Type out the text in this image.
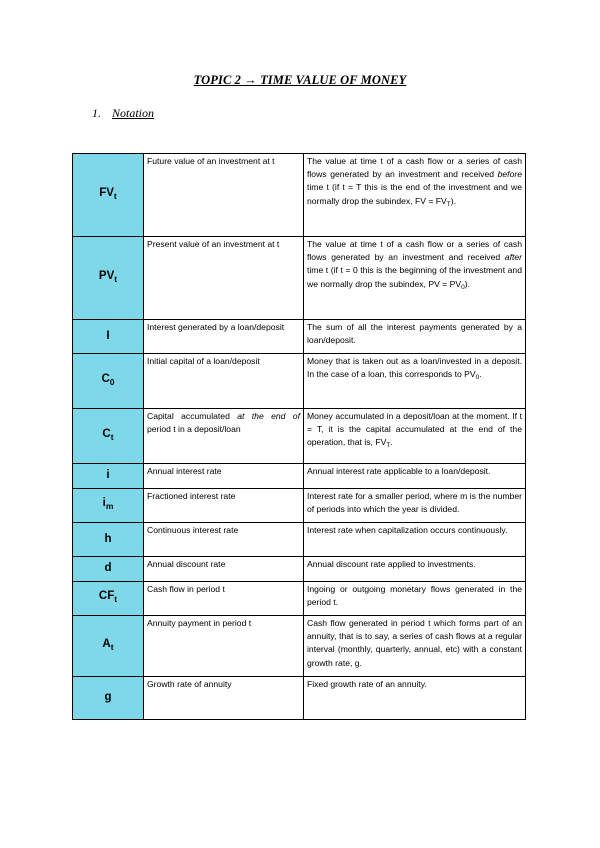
TOPIC 2 → TIME VALUE OF MONEY
1. Notation
$FV_t$	Future value of an investment at t	The value at time t of a cash flow or a series of cash flows generated by an investment and received before time t (if t = T this is the end of the investment and we normally drop the subindex, FV = $FV_T$).
$PV_t$	Present value of an investment at t	The value at time t of a cash flow or a series of cash flows generated by an investment and received after time t (if t = 0 this is the beginning of the investment and we normally drop the subindex, PV = $PV_0$).
I	Interest generated by a loan/deposit	The sum of all the interest payments generated by a loan/deposit.
$C_0$	Initial capital of a loan/deposit	Money that is taken out as a loan/invested in a deposit. In the case of a loan, this corresponds to $PV_0$.
$C_t$	Capital accumulated at the end of period t in a deposit/loan	Money accumulated in a deposit/loan at the moment. If t = T, it is the capital accumulated at the end of the operation, that is, $FV_T$.
i	Annual interest rate	Annual interest rate applicable to a loan/deposit.
$i_m$	Fractioned interest rate	Interest rate for a smaller period, where m is the number of periods into which the year is divided.
h	Continuous interest rate	Interest rate when capitalization occurs continuously.
d	Annual discount rate	Annual discount rate applied to investments.
$CF_t$	Cash flow in period t	Ingoing or outgoing monetary flows generated in the period t.
$A_t$	Annuity payment in period t	Cash flow generated in period t which forms part of an annuity, that is to say, a series of cash flows at a regular interval (monthly, quarterly, annual, etc) with a constant growth rate, g.
g	Growth rate of annuity	Fixed growth rate of an annuity.
